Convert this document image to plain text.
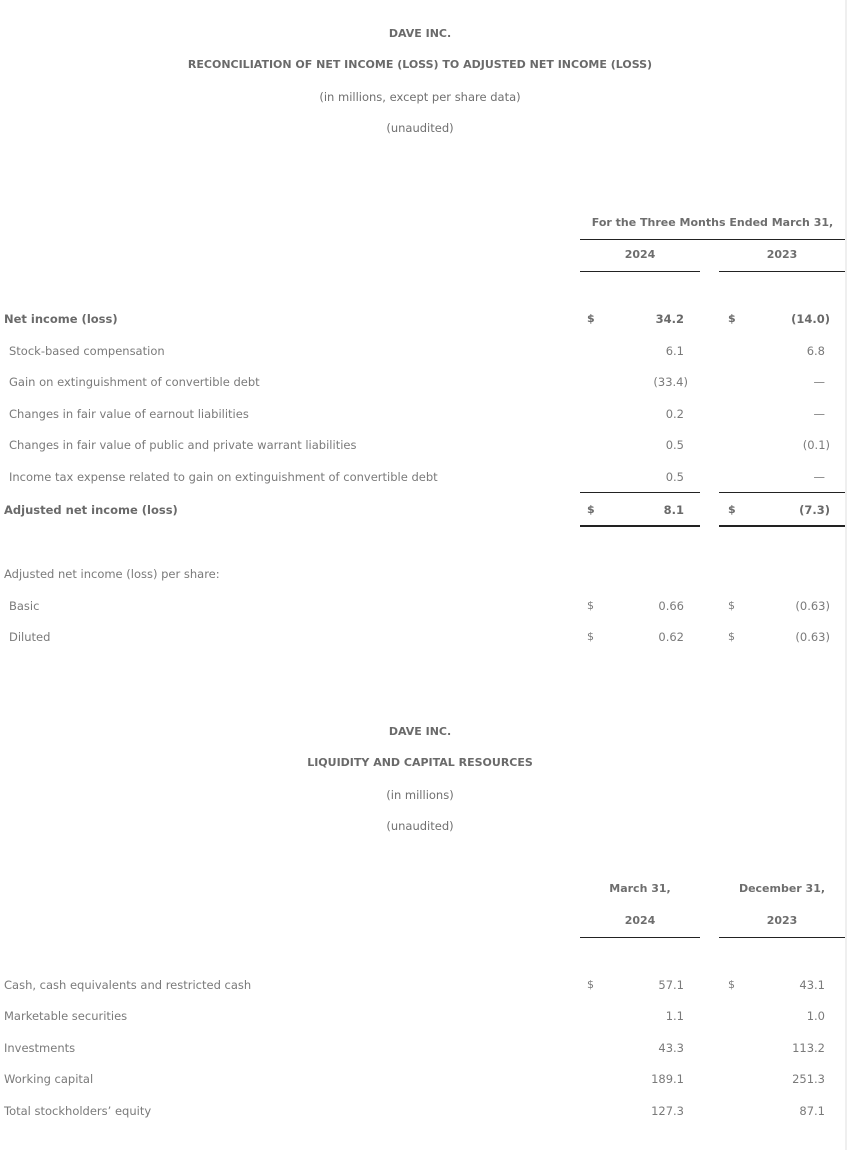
DAVE INC.
RECONCILIATION OF NET INCOME (LOSS) TO ADJUSTED NET INCOME (LOSS)
(in millions, except per share data)
(unaudited)
For the Three Months Ended March 31,
2024	2023
Net income (loss)	$	34.2	$	(14.0)
Stock-based compensation	6.1	6.8
Gain on extinguishment of convertible debt	(33.4)	—
Changes in fair value of earnout liabilities	0.2	—
Changes in fair value of public and private warrant liabilities	0.5	(0.1)
Income tax expense related to gain on extinguishment of convertible debt	0.5	—
Adjusted net income (loss)	$	8.1	$	(7.3)
Adjusted net income (loss) per share:
Basic	$	0.66	$	(0.63)
Diluted	$	0.62	$	(0.63)
DAVE INC.
LIQUIDITY AND CAPITAL RESOURCES
(in millions)
(unaudited)
March 31,
2024
December 31,
2023
Cash, cash equivalents and restricted cash	$	57.1	$	43.1
Marketable securities	1.1	1.0
Investments	43.3	113.2
Working capital	189.1	251.3
Total stockholders’ equity	127.3	87.1
